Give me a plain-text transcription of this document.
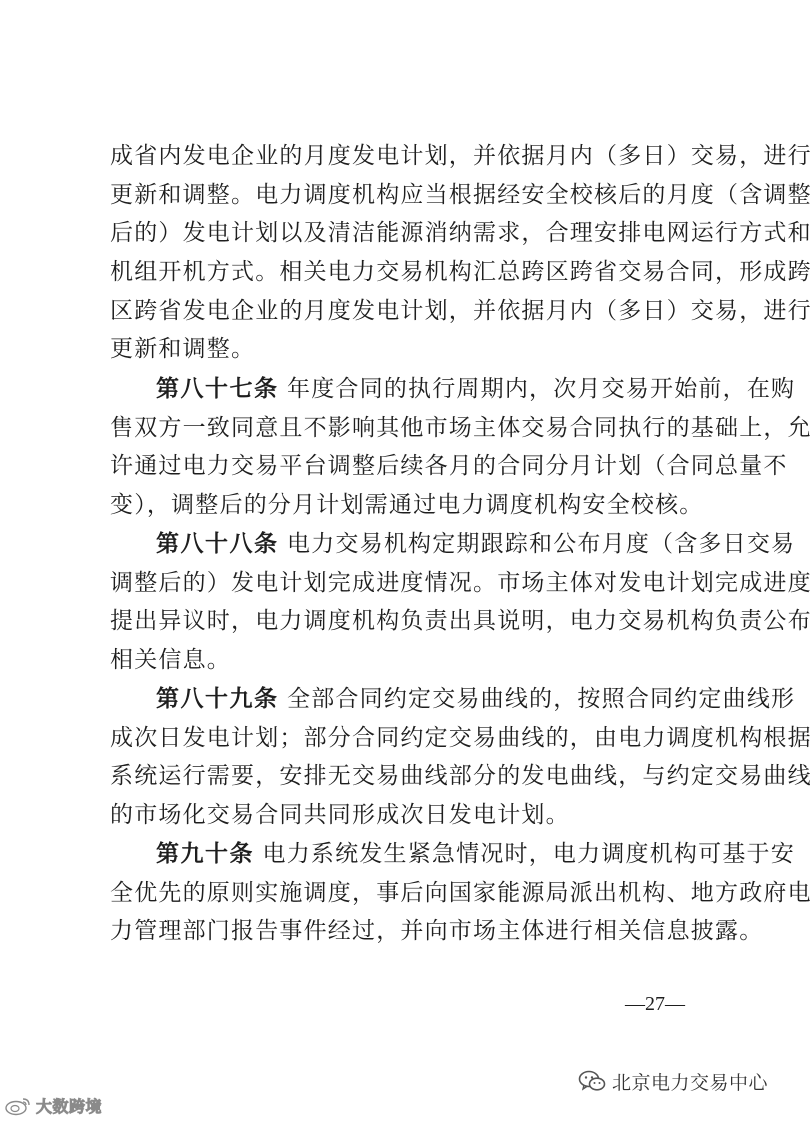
成省内发电企业的月度发电计划，并依据月内（多日）交易，进行
更新和调整。电力调度机构应当根据经安全校核后的月度（含调整
后的）发电计划以及清洁能源消纳需求，合理安排电网运行方式和
机组开机方式。相关电力交易机构汇总跨区跨省交易合同，形成跨
区跨省发电企业的月度发电计划，并依据月内（多日）交易，进行
更新和调整。
第八十七条 年度合同的执行周期内，次月交易开始前，在购
售双方一致同意且不影响其他市场主体交易合同执行的基础上，允
许通过电力交易平台调整后续各月的合同分月计划（合同总量不
变），调整后的分月计划需通过电力调度机构安全校核。
第八十八条 电力交易机构定期跟踪和公布月度（含多日交易
调整后的）发电计划完成进度情况。市场主体对发电计划完成进度
提出异议时，电力调度机构负责出具说明，电力交易机构负责公布
相关信息。
第八十九条 全部合同约定交易曲线的，按照合同约定曲线形
成次日发电计划；部分合同约定交易曲线的，由电力调度机构根据
系统运行需要，安排无交易曲线部分的发电曲线，与约定交易曲线
的市场化交易合同共同形成次日发电计划。
第九十条 电力系统发生紧急情况时，电力调度机构可基于安
全优先的原则实施调度，事后向国家能源局派出机构、地方政府电
力管理部门报告事件经过，并向市场主体进行相关信息披露。
—27—
北京电力交易中心
大数跨境
